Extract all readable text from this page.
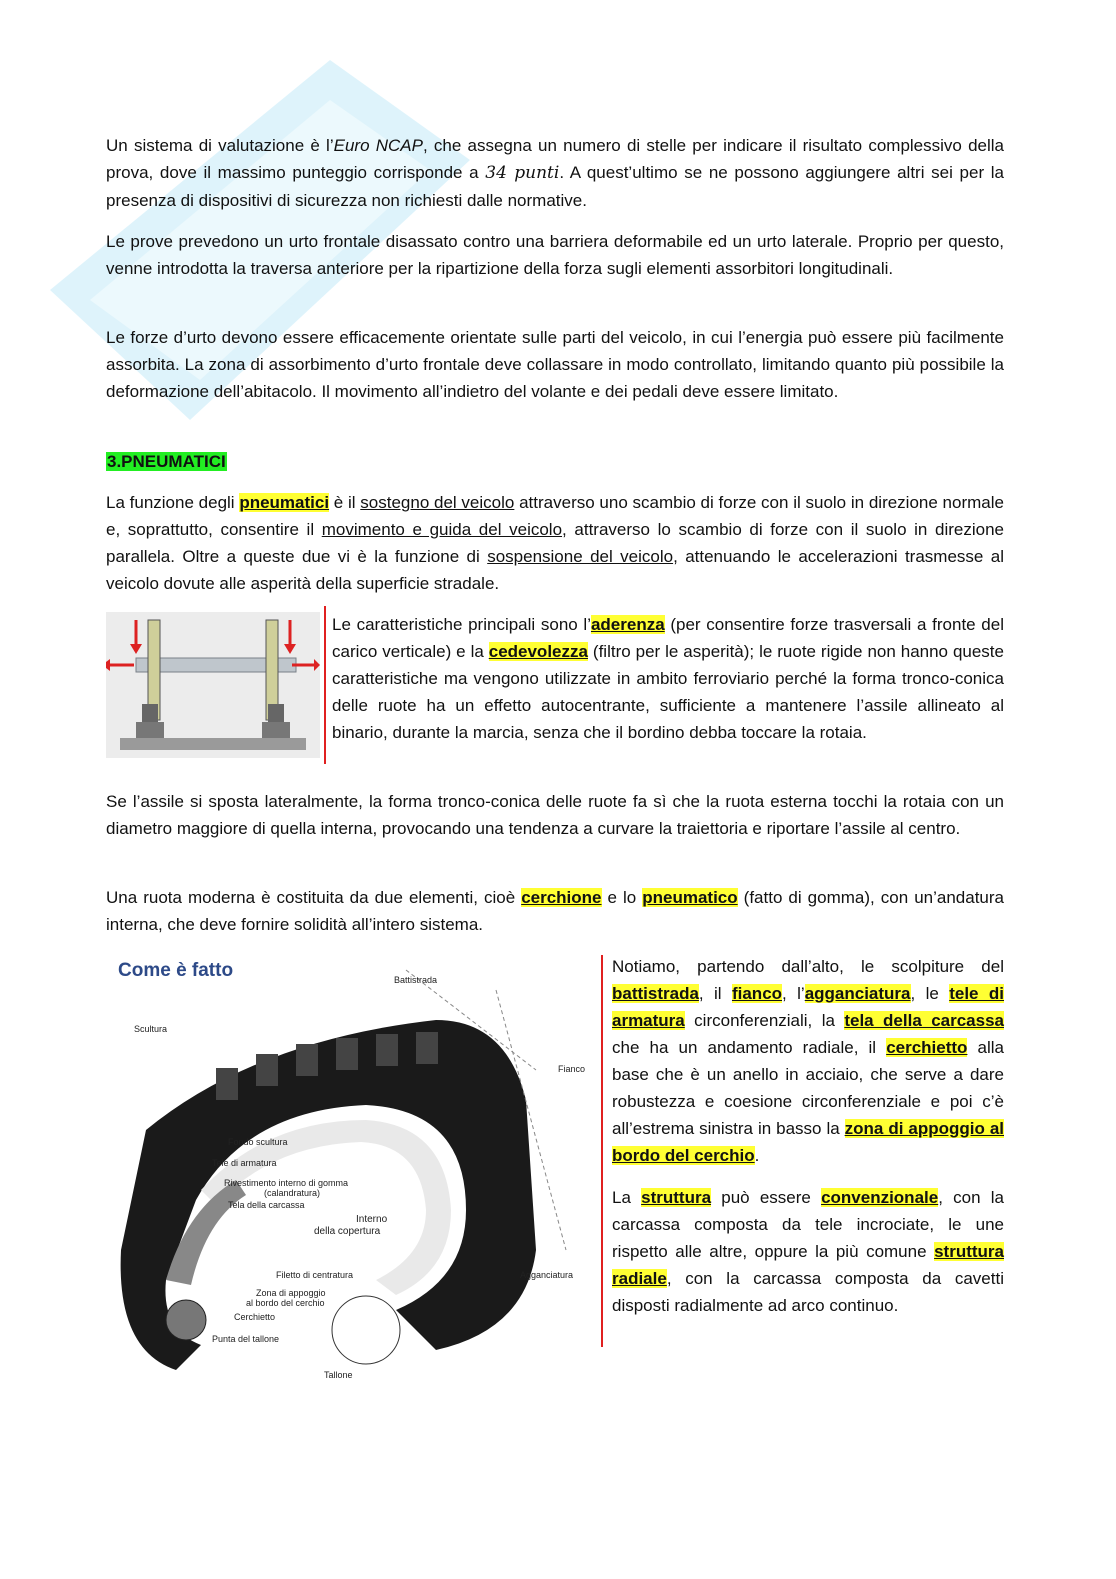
Un sistema di valutazione è l’Euro NCAP, che assegna un numero di stelle per indicare il risultato complessivo della prova, dove il massimo punteggio corrisponde a 34 punti. A quest’ultimo se ne possono aggiungere altri sei per la presenza di dispositivi di sicurezza non richiesti dalle normative.

Le prove prevedono un urto frontale disassato contro una barriera deformabile ed un urto laterale. Proprio per questo, venne introdotta la traversa anteriore per la ripartizione della forza sugli elementi assorbitori longitudinali.

Le forze d’urto devono essere efficacemente orientate sulle parti del veicolo, in cui l’energia può essere più facilmente assorbita. La zona di assorbimento d’urto frontale deve collassare in modo controllato, limitando quanto più possibile la deformazione dell’abitacolo. Il movimento all’indietro del volante e dei pedali deve essere limitato.

3.PNEUMATICI

La funzione degli pneumatici è il sostegno del veicolo attraverso uno scambio di forze con il suolo in direzione normale e, soprattutto, consentire il movimento e guida del veicolo, attraverso lo scambio di forze con il suolo in direzione parallela. Oltre a queste due vi è la funzione di sospensione del veicolo, attenuando le accelerazioni trasmesse al veicolo dovute alle asperità della superficie stradale.

Le caratteristiche principali sono l’aderenza (per consentire forze trasversali a fronte del carico verticale) e la cedevolezza (filtro per le asperità); le ruote rigide non hanno queste caratteristiche ma vengono utilizzate in ambito ferroviario perché la forma tronco-conica delle ruote ha un effetto autocentrante, sufficiente a mantenere l’assile allineato al binario, durante la marcia, senza che il bordino debba toccare la rotaia.

Se l’assile si sposta lateralmente, la forma tronco-conica delle ruote fa sì che la ruota esterna tocchi la rotaia con un diametro maggiore di quella interna, provocando una tendenza a curvare la traiettoria e riportare l’assile al centro.

Una ruota moderna è costituita da due elementi, cioè cerchione e lo pneumatico (fatto di gomma), con un’andatura interna, che deve fornire solidità all’intero sistema.

Come è fatto	Battistrada
Scultura
Fianco
Fondo scultura
Tele di armatura
Rivestimento interno di gomma
(calandratura)
Tela della carcassa
Interno
della copertura
Filetto di centratura
Zona di appoggio
al bordo del cerchio
Cerchietto
Punta del tallone
Agganciatura
Tallone

Notiamo, partendo dall’alto, le scolpiture del battistrada, il fianco, l’agganciatura, le tele di armatura circonferenziali, la tela della carcassa che ha un andamento radiale, il cerchietto alla base che è un anello in acciaio, che serve a dare robustezza e coesione circonferenziale e poi c’è all’estrema sinistra in basso la zona di appoggio al bordo del cerchio.

La struttura può essere convenzionale, con la carcassa composta da tele incrociate, le une rispetto alle altre, oppure la più comune struttura radiale, con la carcassa composta da cavetti disposti radialmente ad arco continuo.
